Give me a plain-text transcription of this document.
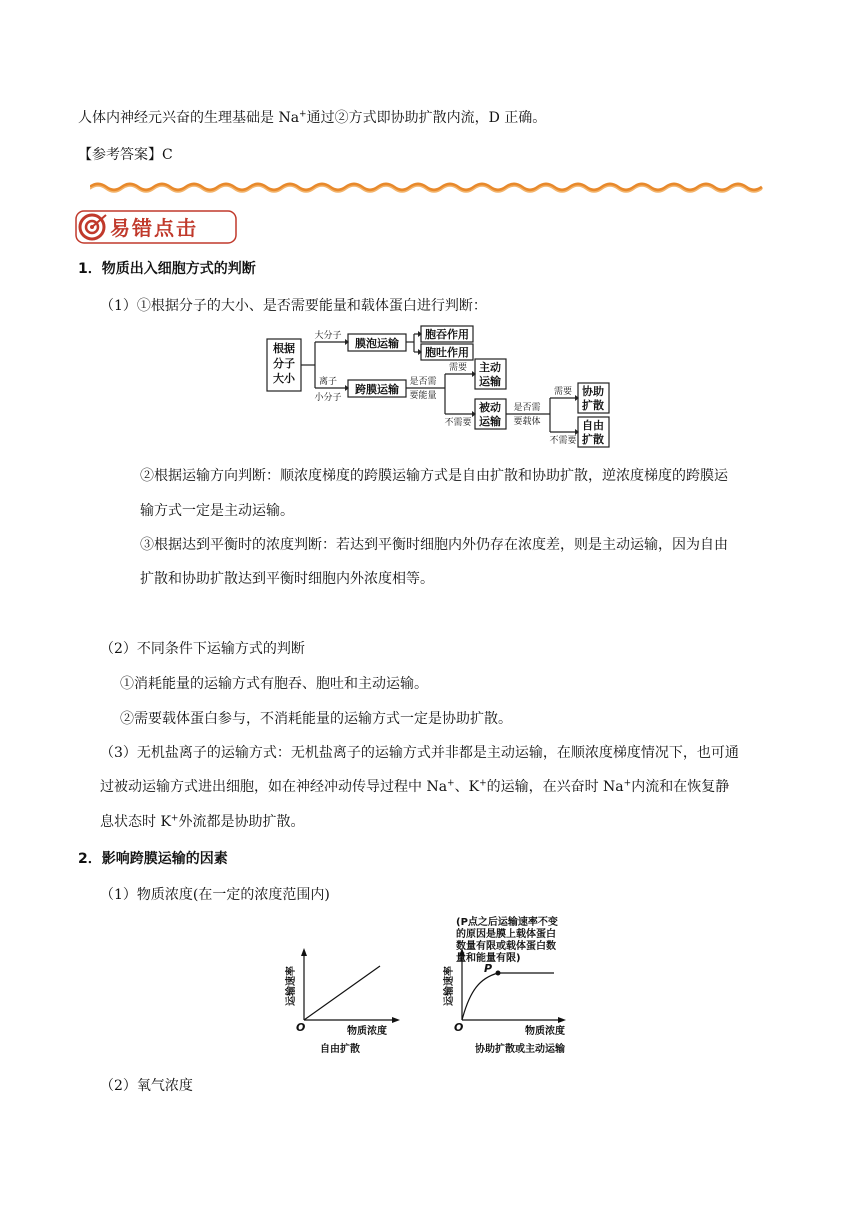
人体内神经元兴奋的生理基础是 Na+通过②方式即协助扩散内流，D 正确。
【参考答案】C
易错点击
1．物质出入细胞方式的判断
（1）①根据分子的大小、是否需要能量和载体蛋白进行判断：
根据
分子
大小
膜泡运输
胞吞作用
胞吐作用
跨膜运输
主动
运输
被动
运输
协助
扩散
自由
扩散
大分子
离子
小分子
是否需
要能量
需要
不需要
是否需
要载体
需要
不需要
②根据运输方向判断：顺浓度梯度的跨膜运输方式是自由扩散和协助扩散，逆浓度梯度的跨膜运
输方式一定是主动运输。
③根据达到平衡时的浓度判断：若达到平衡时细胞内外仍存在浓度差，则是主动运输，因为自由
扩散和协助扩散达到平衡时细胞内外浓度相等。
（2）不同条件下运输方式的判断
①消耗能量的运输方式有胞吞、胞吐和主动运输。
②需要载体蛋白参与，不消耗能量的运输方式一定是协助扩散。
（3）无机盐离子的运输方式：无机盐离子的运输方式并非都是主动运输，在顺浓度梯度情况下，也可通
过被动运输方式进出细胞，如在神经冲动传导过程中 Na+、K+的运输，在兴奋时 Na+内流和在恢复静
息状态时 K+外流都是协助扩散。
2．影响跨膜运输的因素
（1）物质浓度(在一定的浓度范围内)
运输速率	运输速率
物质浓度	物质浓度
自由扩散	协助扩散或主动运输
(P点之后运输速率不变
的原因是膜上载体蛋白
数量有限或载体蛋白数
量和能量有限)
O	O
P
（2）氧气浓度
